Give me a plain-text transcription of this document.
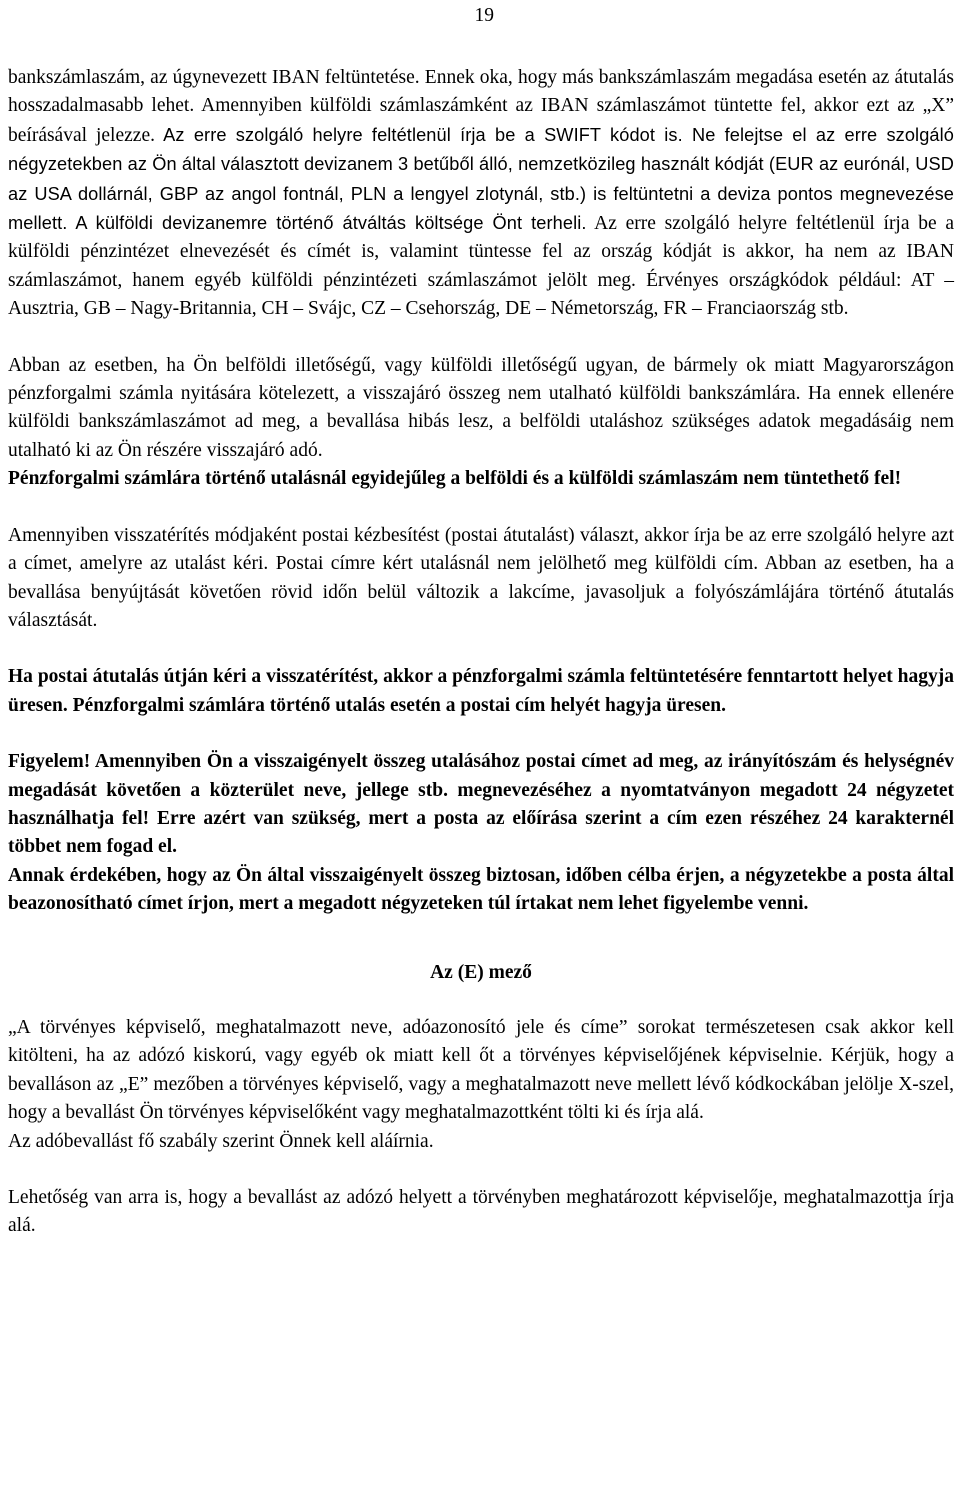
19

bankszámlaszám, az úgynevezett IBAN feltüntetése. Ennek oka, hogy más bankszámlaszám megadása esetén az átutalás hosszadalmasabb lehet. Amennyiben külföldi számlaszámként az IBAN számlaszámot tüntette fel, akkor ezt az „X” beírásával jelezze. Az erre szolgáló helyre feltétlenül írja be a SWIFT kódot is. Ne felejtse el az erre szolgáló négyzetekben az Ön által választott devizanem 3 betűből álló, nemzetközileg használt kódját (EUR az eurónál, USD az USA dollárnál, GBP az angol fontnál, PLN a lengyel zlotynál, stb.) is feltüntetni a deviza pontos megnevezése mellett. A külföldi devizanemre történő átváltás költsége Önt terheli. Az erre szolgáló helyre feltétlenül írja be a külföldi pénzintézet elnevezését és címét is, valamint tüntesse fel az ország kódját is akkor, ha nem az IBAN számlaszámot, hanem egyéb külföldi pénzintézeti számlaszámot jelölt meg. Érvényes országkódok például: AT – Ausztria, GB – Nagy-Britannia, CH – Svájc, CZ – Csehország, DE – Németország, FR – Franciaország stb.

Abban az esetben, ha Ön belföldi illetőségű, vagy külföldi illetőségű ugyan, de bármely ok miatt Magyarországon pénzforgalmi számla nyitására kötelezett, a visszajáró összeg nem utalható külföldi bankszámlára. Ha ennek ellenére külföldi bankszámlaszámot ad meg, a bevallása hibás lesz, a belföldi utaláshoz szükséges adatok megadásáig nem utalható ki az Ön részére visszajáró adó.

Pénzforgalmi számlára történő utalásnál egyidejűleg a belföldi és a külföldi számlaszám nem tüntethető fel!

Amennyiben visszatérítés módjaként postai kézbesítést (postai átutalást) választ, akkor írja be az erre szolgáló helyre azt a címet, amelyre az utalást kéri. Postai címre kért utalásnál nem jelölhető meg külföldi cím. Abban az esetben, ha a bevallása benyújtását követően rövid időn belül változik a lakcíme, javasoljuk a folyószámlájára történő átutalás választását.

Ha postai átutalás útján kéri a visszatérítést, akkor a pénzforgalmi számla feltüntetésére fenntartott helyet hagyja üresen. Pénzforgalmi számlára történő utalás esetén a postai cím helyét hagyja üresen.

Figyelem! Amennyiben Ön a visszaigényelt összeg utalásához postai címet ad meg, az irányítószám és helységnév megadását követően a közterület neve, jellege stb. megnevezéséhez a nyomtatványon megadott 24 négyzetet használhatja fel! Erre azért van szükség, mert a posta az előírása szerint a cím ezen részéhez 24 karakternél többet nem fogad el.

Annak érdekében, hogy az Ön által visszaigényelt összeg biztosan, időben célba érjen, a négyzetekbe a posta által beazonosítható címet írjon, mert a megadott négyzeteken túl írtakat nem lehet figyelembe venni.

Az (E) mező

„A törvényes képviselő, meghatalmazott neve, adóazonosító jele és címe” sorokat természetesen csak akkor kell kitölteni, ha az adózó kiskorú, vagy egyéb ok miatt kell őt a törvényes képviselőjének képviselnie. Kérjük, hogy a bevalláson az „E” mezőben a törvényes képviselő, vagy a meghatalmazott neve mellett lévő kódkockában jelölje X-szel, hogy a bevallást Ön törvényes képviselőként vagy meghatalmazottként tölti ki és írja alá.

Az adóbevallást fő szabály szerint Önnek kell aláírnia.

Lehetőség van arra is, hogy a bevallást az adózó helyett a törvényben meghatározott képviselője, meghatalmazottja írja alá.
